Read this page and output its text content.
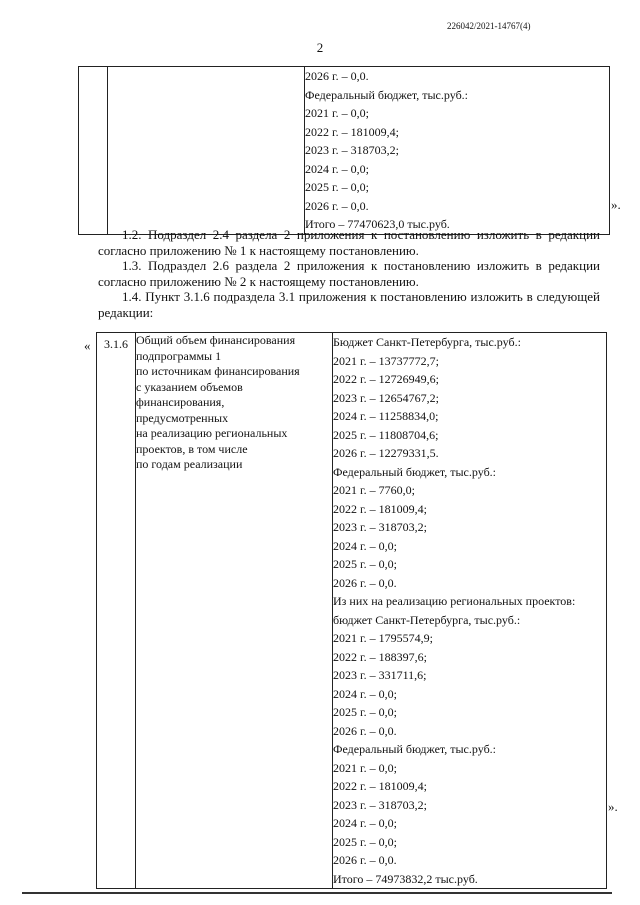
226042/2021-14767(4)
2

2026 г. – 0,0.
Федеральный бюджет, тыс.руб.:
2021 г. – 0,0;
2022 г. – 181009,4;
2023 г. – 318703,2;
2024 г. – 0,0;
2025 г. – 0,0;
2026 г. – 0,0.
Итого – 77470623,0 тыс.руб.
».

1.2. Подраздел 2.4 раздела 2 приложения к постановлению изложить в редакции согласно приложению № 1 к настоящему постановлению.

1.3. Подраздел 2.6 раздела 2 приложения к постановлению изложить в редакции согласно приложению № 2 к настоящему постановлению.

1.4. Пункт 3.1.6 подраздела 3.1 приложения к постановлению изложить в следующей редакции:

«	3.1.6	Общий объем финансирования
подпрограммы 1
по источникам финансирования
с указанием объемов
финансирования,
предусмотренных
на реализацию региональных
проектов, в том числе
по годам реализации

Бюджет Санкт-Петербурга, тыс.руб.:
2021 г. – 13737772,7;
2022 г. – 12726949,6;
2023 г. – 12654767,2;
2024 г. – 11258834,0;
2025 г. – 11808704,6;
2026 г. – 12279331,5.
Федеральный бюджет, тыс.руб.:
2021 г. – 7760,0;
2022 г. – 181009,4;
2023 г. – 318703,2;
2024 г. – 0,0;
2025 г. – 0,0;
2026 г. – 0,0.
Из них на реализацию региональных проектов:
бюджет Санкт-Петербурга, тыс.руб.:
2021 г. – 1795574,9;
2022 г. – 188397,6;
2023 г. – 331711,6;
2024 г. – 0,0;
2025 г. – 0,0;
2026 г. – 0,0.
Федеральный бюджет, тыс.руб.:
2021 г. – 0,0;
2022 г. – 181009,4;
2023 г. – 318703,2;
2024 г. – 0,0;
2025 г. – 0,0;
2026 г. – 0,0.
Итого – 74973832,2 тыс.руб.
».
